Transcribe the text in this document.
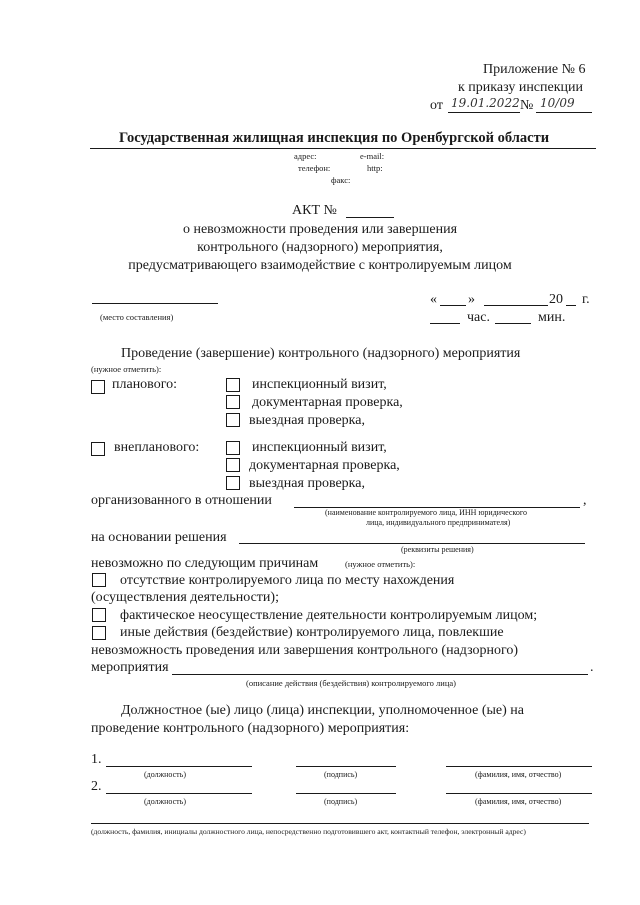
Приложение № 6
к приказу инспекции
от 19.01.2022 № 10/09
Государственная жилищная инспекция по Оренбургской области
адрес:	e-mail:
телефон:	http:
факс:
АКТ №
о невозможности проведения или завершения
контрольного (надзорного) мероприятия,
предусматривающего взаимодействие с контролируемым лицом
(место составления)
« »	20 г.
час.	мин.
Проведение (завершение) контрольного (надзорного) мероприятия
(нужное отметить):
планового:	инспекционный визит,
документарная проверка,
выездная проверка,
внепланового:	инспекционный визит,
документарная проверка,
выездная проверка,
организованного в отношении	,
(наименование контролируемого лица, ИНН юридического
лица, индивидуального предпринимателя)
на основании решения
(реквизиты решения)
невозможно по следующим причинам	(нужное отметить):
отсутствие контролируемого лица по месту нахождения
(осуществления деятельности);
фактическое неосуществление деятельности контролируемым лицом;
иные действия (бездействие) контролируемого лица, повлекшие
невозможность проведения или завершения контрольного (надзорного)
мероприятия	.
(описание действия (бездействия) контролируемого лица)
Должностное (ые) лицо (лица) инспекции, уполномоченное (ые) на
проведение контрольного (надзорного) мероприятия:
1.
(должность)	(подпись)	(фамилия, имя, отчество)
2.
(должность)	(подпись)	(фамилия, имя, отчество)
(должность, фамилия, инициалы должностного лица, непосредственно подготовившего акт, контактный телефон, электронный адрес)
